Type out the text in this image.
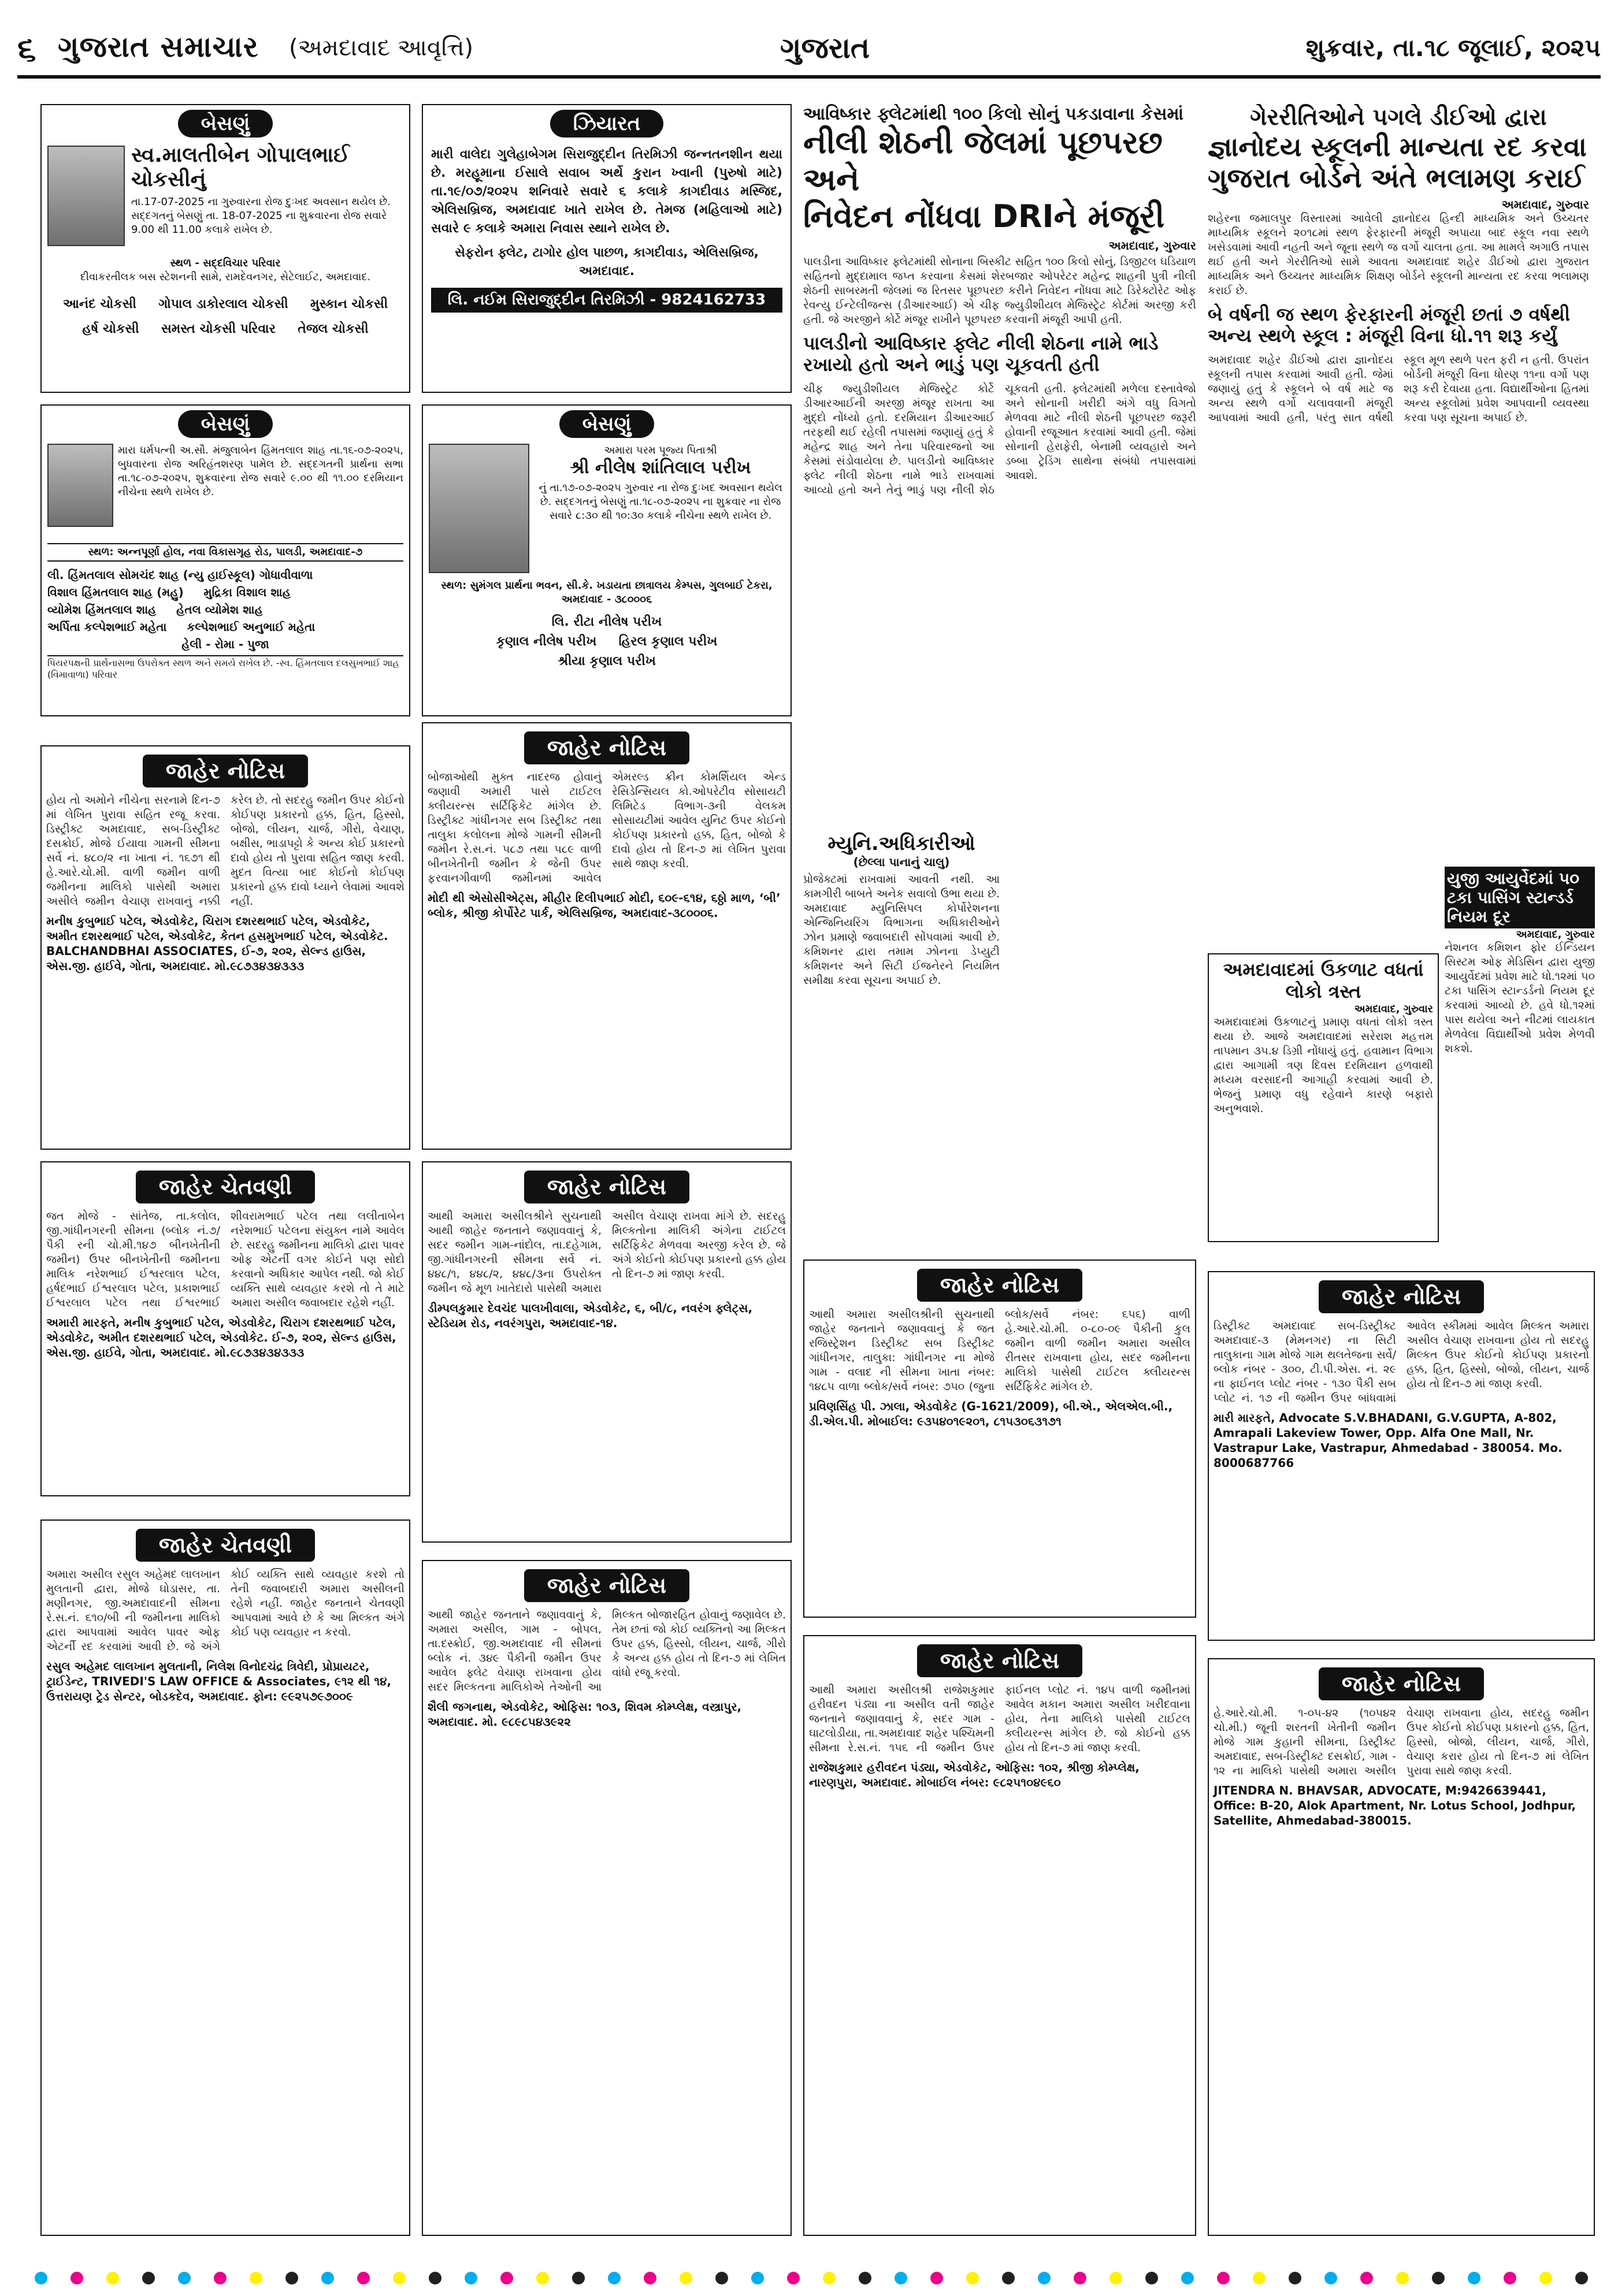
૬ ગુજરાત સમાચાર (અમદાવાદ આવૃત્તિ)	ગુજરાત	શુક્રવાર, તા.૧૮ જૂલાઈ, ૨૦૨૫
બેસણું
સ્વ.માલતીબેન ગોપાલભાઈ ચોકસીનું
તા.17-07-2025 ના ગુરુવારના રોજ દુઃખદ અવસાન થયેલ છે. સદ્દગતનું બેસણું તા. 18-07-2025 ના શુક્રવારના રોજ સવારે 9.00 થી 11.00 કલાકે રાખેલ છે.
સ્થળ - સદ્દવિચાર પરિવાર
દીવાકરતીલક બસ સ્ટેશનની સામે, રામદેવનગર, સેટેલાઈટ, અમદાવાદ.
આનંદ ચોકસી     ગોપાલ ડાકોરલાલ ચોકસી     મુસ્કાન ચોકસી
હર્ષ ચોકસી     સમસ્ત ચોકસી પરિવાર     તેજલ ચોકસી
ઝિયારત
મારી વાલેદા ગુલેહાબેગમ સિરાજુદ્દીન તિરમિઝી જન્નતનશીન થયા છે. મરહૂમાના ઈસાલે સવાબ અર્થે કુરાન ખ્વાની (પુરુષો માટે) તા.૧૯/૦૭/૨૦૨૫ શનિવારે સવારે ૬ કલાકે કાગદીવાડ મસ્જિદ, એલિસબ્રિજ, અમદાવાદ ખાતે રાખેલ છે. તેમજ (મહિલાઓ માટે) સવારે ૯ કલાકે અમારા નિવાસ સ્થાને રાખેલ છે.
સેફરોન ફ્લેટ, ટાગોર હોલ પાછળ, કાગદીવાડ, એલિસબ્રિજ, અમદાવાદ.
લિ. નઈમ સિરાજુદ્દીન તિરમિઝી - 9824162733
બેસણું
મારા ધર્મપત્ની અ.સૌ. મંજુલાબેન હિંમતલાલ શાહ તા.૧૬-૦૭-૨૦૨૫, બુધવારના રોજ અરિહંતશરણ પામેલ છે. સદ્દગતની પ્રાર્થના સભા તા.૧૮-૦૭-૨૦૨૫, શુક્રવારના રોજ સવારે ૯.૦૦ થી ૧૧.૦૦ દરમિયાન નીચેના સ્થળે રાખેલ છે.
સ્થળ: અન્નપૂર્ણા હોલ, નવા વિકાસગૃહ રોડ, પાલડી, અમદાવાદ-૭
લી. હિંમતલાલ સોમચંદ શાહ (ન્યુ હાઈસ્કૂલ) ગોધાવીવાળા
વિશાલ હિંમતલાલ શાહ (મહુ)     મુદ્રિકા વિશાલ શાહ
વ્યોમેશ હિંમતલાલ શાહ     હેતલ વ્યોમેશ શાહ
અર્પિતા કલ્પેશભાઈ મહેતા     કલ્પેશભાઈ અનુભાઈ મહેતા
હેલી - રોમા - પુજા
પિયરપક્ષની પ્રાર્થનાસભા ઉપરોક્ત સ્થળ અને સમયે રાખેલ છે. -સ્વ. હિંમતલાલ દલસુખભાઈ શાહ (વિમાવાળા) પરિવાર
બેસણું
અમારા પરમ પૂજ્ય પિતાશ્રી
શ્રી નીલેષ શાંતિલાલ પરીખ
નું તા.૧૭-૦૭-૨૦૨૫ ગુરુવાર ના રોજ દુઃખદ અવસાન થયેલ છે. સદ્દગતનું બેસણું તા.૧૮-૦૭-૨૦૨૫ ના શુક્રવાર ના રોજ સવારે ૮:૩૦ થી ૧૦:૩૦ કલાકે નીચેના સ્થળે રાખેલ છે.
સ્થળ: સુમંગલ પ્રાર્થના ભવન, સી.કે. ખડાયતા છાત્રાલય કેમ્પસ, ગુલબાઈ ટેકરા, અમદાવાદ - ૩૮૦૦૦૬
લિ. રીટા નીલેષ પરીખ
કૃણાલ નીલેષ પરીખ     હિરલ કૃણાલ પરીખ
શ્રીયા કૃણાલ પરીખ
આવિષ્કાર ફ્લેટમાંથી ૧૦૦ કિલો સોનું પકડાવાના કેસમાં
નીલી શેઠની જેલમાં પૂછપરછ અને
નિવેદન નોંધવા DRIને મંજૂરી
અમદાવાદ, ગુરુવાર
પાલડીના આવિષ્કાર ફ્લેટમાંથી સોનાના બિસ્કીટ સહિત ૧૦૦ કિલો સોનું, ડિજીટલ ઘડિયાળ સહિતનો મુદ્દામાલ જપ્ત કરવાના કેસમાં શેરબજાર ઓપરેટર મહેન્દ્ર શાહની પુત્રી નીલી શેઠની સાબરમતી જેલમાં જ રિતસર પૂછપરછ કરીને નિવેદન નોંધવા માટે ડિરેક્ટોરેટ ઓફ રેવન્યુ ઈન્ટેલીજન્સ (ડીઆરઆઈ) એ ચીફ જ્યુડીશીયલ મેજિસ્ટ્રેટ કોર્ટમાં અરજી કરી હતી. જે અરજીને કોર્ટે મંજૂર રાખીને પૂછપરછ કરવાની મંજૂરી આપી હતી.
પાલડીનો આવિષ્કાર ફ્લેટ નીલી શેઠના નામે ભાડે રખાયો હતો અને ભાડું પણ ચૂકવતી હતી
ચીફ જ્યુડીશીયલ મેજિસ્ટ્રેટ કોર્ટે ડીઆરઆઈની અરજી મંજૂર રાખતા આ મુદ્દો નોંધ્યો હતો. દરમિયાન ડીઆરઆઈ તરફથી થઈ રહેલી તપાસમાં જણાયું હતું કે મહેન્દ્ર શાહ અને તેના પરિવારજનો આ કેસમાં સંડોવાયેલા છે. પાલડીનો આવિષ્કાર ફ્લેટ નીલી શેઠના નામે ભાડે રાખવામાં આવ્યો હતો અને તેનું ભાડું પણ નીલી શેઠ ચૂકવતી હતી. ફ્લેટમાંથી મળેલા દસ્તાવેજો અને સોનાની ખરીદી અંગે વધુ વિગતો મેળવવા માટે નીલી શેઠની પૂછપરછ જરૂરી હોવાની રજૂઆત કરવામાં આવી હતી. જેમાં સોનાની હેરાફેરી, બેનામી વ્યવહારો અને ડબ્બા ટ્રેડિંગ સાથેના સંબંધો તપાસવામાં આવશે.
ગેરરીતિઓને પગલે ડીઈઓ દ્વારા
જ્ઞાનોદય સ્કૂલની માન્યતા રદ કરવા
ગુજરાત બોર્ડને અંતે ભલામણ કરાઈ
અમદાવાદ, ગુરુવાર
શહેરના જમાલપુર વિસ્તારમાં આવેલી જ્ઞાનોદય હિન્દી માધ્યમિક અને ઉચ્ચતર માધ્યમિક સ્કૂલને ૨૦૧૮માં સ્થળ ફેરફારની મંજૂરી અપાયા બાદ સ્કૂલ નવા સ્થળે ખસેડવામાં આવી નહતી અને જૂના સ્થળે જ વર્ગો ચાલતા હતા. આ મામલે અગાઉ તપાસ થઈ હતી અને ગેરરીતિઓ સામે આવતા અમદાવાદ શહેર ડીઈઓ દ્વારા ગુજરાત માધ્યમિક અને ઉચ્ચતર માધ્યમિક શિક્ષણ બોર્ડને સ્કૂલની માન્યતા રદ કરવા ભલામણ કરાઈ છે.
બે વર્ષની જ સ્થળ ફેરફારની મંજૂરી છતાં ૭ વર્ષથી અન્ય સ્થળે સ્કૂલ : મંજૂરી વિના ધો.૧૧ શરૂ કર્યું
અમદાવાદ શહેર ડીઈઓ દ્વારા જ્ઞાનોદય સ્કૂલની તપાસ કરવામાં આવી હતી. જેમાં જણાયું હતું કે સ્કૂલને બે વર્ષ માટે જ અન્ય સ્થળે વર્ગો ચલાવવાની મંજૂરી આપવામાં આવી હતી, પરંતુ સાત વર્ષથી સ્કૂલ મૂળ સ્થળે પરત ફરી ન હતી. ઉપરાંત બોર્ડની મંજૂરી વિના ધોરણ ૧૧ના વર્ગો પણ શરૂ કરી દેવાયા હતા. વિદ્યાર્થીઓના હિતમાં અન્ય સ્કૂલોમાં પ્રવેશ આપવાની વ્યવસ્થા કરવા પણ સૂચના અપાઈ છે.
મ્યુનિ.અધિકારીઓ
(છેલ્લા પાનાનું ચાલુ)
પ્રોજેક્ટમાં રાખવામાં આવતી નથી. આ કામગીરી બાબતે અનેક સવાલો ઉભા થયા છે. અમદાવાદ મ્યુનિસિપલ કોર્પોરેશનના એન્જિનિયરિંગ વિભાગના અધિકારીઓને ઝોન પ્રમાણે જવાબદારી સોંપવામાં આવી છે. કમિશનર દ્વારા તમામ ઝોનના ડેપ્યુટી કમિશનર અને સિટી ઈજનેરને નિયમિત સમીક્ષા કરવા સૂચના અપાઈ છે.
અમદાવાદમાં ઉકળાટ વધતાં લોકો ત્રસ્ત
અમદાવાદ, ગુરુવાર
અમદાવાદમાં ઉકળાટનું પ્રમાણ વધતાં લોકો ત્રસ્ત થયા છે. આજે અમદાવાદમાં સરેરાશ મહત્તમ તાપમાન ૩૫.૪ ડિગ્રી નોંધાયું હતું. હવામાન વિભાગ દ્વારા આગામી ત્રણ દિવસ દરમિયાન હળવાથી મધ્યમ વરસાદની આગાહી કરવામાં આવી છે. ભેજનું પ્રમાણ વધુ રહેવાને કારણે બફારો અનુભવાશે.
યુજી આયુર્વેદમાં ૫૦ ટકા પાસિંગ સ્ટાન્ડર્ડ નિયમ દૂર
અમદાવાદ, ગુરુવાર
નેશનલ કમિશન ફોર ઈન્ડિયન સિસ્ટમ ઓફ મેડિસિન દ્વારા યુજી આયુર્વેદમાં પ્રવેશ માટે ધો.૧૨માં ૫૦ ટકા પાસિંગ સ્ટાન્ડર્ડનો નિયમ દૂર કરવામાં આવ્યો છે. હવે ધો.૧૨માં પાસ થયેલા અને નીટમાં લાયકાત મેળવેલા વિદ્યાર્થીઓ પ્રવેશ મેળવી શકશે.
જાહેર નોટિસ
હોય તો અમોને નીચેના સરનામે દિન-૭ માં લેખિત પુરાવા સહિત રજૂ કરવા. ડિસ્ટ્રીક્ટ અમદાવાદ, સબ-ડિસ્ટ્રીક્ટ દસક્રોઈ, મોજે ઈયાવા ગામની સીમના સર્વે નં. ૪૮૦/૨ ના ખાતા નં. ૧૬૭૧ થી હે.આરે.ચો.મી. વાળી જમીન વાળી જમીનના માલિકો પાસેથી અમારા અસીલે જમીન વેચાણ રાખવાનું નક્કી કરેલ છે. તો સદરહુ જમીન ઉપર કોઈનો કોઈપણ પ્રકારનો હક્ક, હિત, હિસ્સો, બોજો, લીયન, ચાર્જ, ગીરો, વેચાણ, બક્ષીસ, ભાડાપટ્ટો કે અન્ય કોઈ પ્રકારનો દાવો હોય તો પુરાવા સહિત જાણ કરવી. મુદત વિત્યા બાદ કોઈનો કોઈપણ પ્રકારનો હક્ક દાવો ધ્યાને લેવામાં આવશે નહીં.
મનીષ કુબુભાઈ પટેલ, એડવોકેટ, ચિરાગ દશરથભાઈ પટેલ, એડવોકેટ, અમીત દશરથભાઈ પટેલ, એડવોકેટ, કેતન હસમુખભાઈ પટેલ, એડવોકેટ. BALCHANDBHAI ASSOCIATES, ઈ-૭, ૨૦૨, સેલ્ન્ડ હાઉસ, એસ.જી. હાઈવે, ગોતા, અમદાવાદ. મો.૯૮૭૩૪૩૪૩૩૩
જાહેર નોટિસ
બોજાઓથી મુક્ત નાદરજ હોવાનું જણાવી અમારી પાસે ટાઈટલ ક્લીયરન્સ સર્ટિફિકેટ માંગેલ છે. ડિસ્ટ્રીક્ટ ગાંધીનગર સબ ડિસ્ટ્રીક્ટ તથા તાલુકા કલોલના મોજે ગામની સીમની જમીન રે.સ.નં. ૫૮૭ તથા ૫૮૯ વાળી બીનખેતીની જમીન કે જેની ઉપર ફરવાનગીવાળી જમીનમાં આવેલ એમરલ્ડ ક્રીન કોમર્શિયલ એન્ડ રેસિડેન્સિયલ કો.ઓપરેટીવ સોસાયટી લિમિટેડ વિભાગ-૩ની વેલકમ સોસાયટીમાં આવેલ યુનિટ ઉપર કોઈનો કોઈપણ પ્રકારનો હક્ક, હિત, બોજો કે દાવો હોય તો દિન-૭ માં લેખિત પુરાવા સાથે જાણ કરવી.
મોદી થી એસોસીએટ્સ, મીહીર દિલીપભાઈ મોદી, ૬૦૯-૬૧૪, ૬ઠ્ઠો માળ, ‘બી’ બ્લોક, શ્રીજી કોર્પોરેટ પાર્ક, એલિસબ્રિજ, અમદાવાદ-૩૮૦૦૦૬.
જાહેર ચેતવણી
જત મોજે - સાંતેજ, તા.કલોલ, જી.ગાંધીનગરની સીમના (બ્લોક નં.૭/પૈકી રની ચો.મી.૧૪૭ બીનખેતીની જમીન) ઉપર બીનખેતીની જમીનના માલિક નરેશભાઈ ઈશ્વરલાલ પટેલ, હર્ષદભાઈ ઈશ્વરલાલ પટેલ, પ્રકાશભાઈ ઈશ્વરલાલ પટેલ તથા ઈશ્વરભાઈ શીવરામભાઈ પટેલ તથા લલીતાબેન નરેશભાઈ પટેલના સંયુક્ત નામે આવેલ છે. સદરહુ જમીનના માલિકો દ્વારા પાવર ઓફ એટર્ની વગર કોઈને પણ સોદો કરવાનો અધિકાર આપેલ નથી. જો કોઈ વ્યક્તિ સાથે વ્યવહાર કરશે તો તે માટે અમારા અસીલ જવાબદાર રહેશે નહીં.
અમારી મારફતે, મનીષ કુબુભાઈ પટેલ, એડવોકેટ, ચિરાગ દશરથભાઈ પટેલ, એડવોકેટ, અમીત દશરથભાઈ પટેલ, એડવોકેટ. ઈ-૭, ૨૦૨, સેલ્ન્ડ હાઉસ, એસ.જી. હાઈવે, ગોતા, અમદાવાદ. મો.૯૮૭૩૪૩૪૩૩૩
જાહેર નોટિસ
આથી અમારા અસીલશ્રીને સુચનાથી આથી જાહેર જનતાને જણાવવાનું કે, સદર જમીન ગામ-નાંદોલ, તા.દહેગામ, જી.ગાંધીનગરની સીમના સર્વે નં. ૪૪૮/૧, ૪૪૮/૨, ૪૪૮/૩ના ઉપરોક્ત જમીન જે મૂળ ખાતેદારો પાસેથી અમારા અસીલ વેચાણ રાખવા માંગે છે. સદરહુ મિલ્કતોના માલિકી અંગેના ટાઈટલ સર્ટિફિકેટ મેળવવા અરજી કરેલ છે. જે અંગે કોઈનો કોઈપણ પ્રકારનો હક્ક હોય તો દિન-૭ માં જાણ કરવી.
ડીમ્પલકુમાર દેવચંદ પાલખીવાલા, એડવોકેટ, ૬, બી/૮, નવરંગ ફ્લેટ્સ, સ્ટેડિયમ રોડ, નવરંગપુરા, અમદાવાદ-૧૪.
જાહેર નોટિસ
આથી અમારા અસીલશ્રીની સુચનાથી જાહેર જનતાને જણાવવાનું કે જત રજિસ્ટ્રેશન ડિસ્ટ્રીક્ટ સબ ડિસ્ટ્રીક્ટ ગાંધીનગર, તાલુકા: ગાંધીનગર ના મોજે ગામ - વલાદ ની સીમના ખાતા નંબર: ૧૪૮૫ વાળા બ્લોક/સર્વે નંબર: ૭૫૦ (જુના બ્લોક/સર્વે નંબર: ૬૫૬) વાળી હે.આરે.ચો.મી. ૦-૮૦-૦૯ પૈકીની કુલ જમીન વાળી જમીન અમારા અસીલ રીતસર રાખવાના હોય, સદર જમીનના માલિકો પાસેથી ટાઈટલ ક્લીયરન્સ સર્ટિફિકેટ માંગેલ છે.
પ્રવિણસિંહ પી. ઝાલા, એડવોકેટ (G-1621/2009), બી.એ., એલએલ.બી., ડી.એલ.પી. મોબાઈલ: ૯૩૫૪૦૧૯૨૦૧, ૮૧૫૩૦૬૩૧૭૧
જાહેર નોટિસ
ડિસ્ટ્રીક્ટ અમદાવાદ સબ-ડિસ્ટ્રીક્ટ અમદાવાદ-૩ (મેમનગર) ના સિટી તાલુકાના ગામ મોજે ગામ થલતેજના સર્વે/બ્લોક નંબર - ૩૦૦, ટી.પી.એસ. નં. ૨૯ ના ફાઈનલ પ્લોટ નંબર - ૧૩૦ પૈકી સબ પ્લોટ નં. ૧૭ ની જમીન ઉપર બાંધવામાં આવેલ સ્કીમમાં આવેલ મિલ્કત અમારા અસીલ વેચાણ રાખવાના હોય તો સદરહુ મિલ્કત ઉપર કોઈનો કોઈપણ પ્રકારનો હક્ક, હિત, હિસ્સો, બોજો, લીયન, ચાર્જ હોય તો દિન-૭ માં જાણ કરવી.
મારી મારફતે, Advocate S.V.BHADANI, G.V.GUPTA, A-802, Amrapali Lakeview Tower, Opp. Alfa One Mall, Nr. Vastrapur Lake, Vastrapur, Ahmedabad - 380054. Mo. 8000687766
જાહેર ચેતવણી
અમારા અસીલ રસુલ અહેમદ લાલખાન મુલતાની દ્વારા, મોજે ઘોડાસર, તા. મણીનગર, જી.અમદાવાદની સીમના રે.સ.નં. ૬૧૦/બી ની જમીનના માલિકો દ્વારા આપવામાં આવેલ પાવર ઓફ એટર્ની રદ કરવામાં આવી છે. જે અંગે કોઈ વ્યક્તિ સાથે વ્યવહાર કરશે તો તેની જવાબદારી અમારા અસીલની રહેશે નહીં. જાહેર જનતાને ચેતવણી આપવામાં આવે છે કે આ મિલ્કત અંગે કોઈ પણ વ્યવહાર ન કરવો.
રસુલ અહેમદ લાલખાન મુલતાની, નિલેશ વિનોદચંદ્ર ત્રિવેદી, પ્રોપ્રાયટર, ટ્રાઈડેન્ટ, TRIVEDI'S LAW OFFICE & Associates, ૯૧૨ થી ૧૪, ઉત્તરાયણ ટ્રેડ સેન્ટર, બોડકદેવ, અમદાવાદ. ફોન: ૯૯૨૫૭૯૭૦૦૯
જાહેર નોટિસ
આથી જાહેર જનતાને જણાવવાનું કે, અમારા અસીલ, ગામ - બોપલ, તા.દસ્ક્રોઈ, જી.અમદાવાદ ની સીમનાં બ્લોક નં. ૩૪૯ પૈકીની જમીન ઉપર આવેલ ફ્લેટ વેચાણ રાખવાના હોય સદર મિલ્કતના માલિકોએ તેઓની આ મિલ્કત બોજારહિત હોવાનું જણાવેલ છે. તેમ છતાં જો કોઈ વ્યક્તિનો આ મિલ્કત ઉપર હક્ક, હિસ્સો, લીયન, ચાર્જ, ગીરો કે અન્ય હક્ક હોય તો દિન-૭ માં લેખિત વાંધો રજૂ કરવો.
શૈલી જગનાથ, એડવોકેટ, ઓફિસ: ૧૦૩, શિવમ કોમ્પ્લેક્ષ, વસ્ત્રાપુર, અમદાવાદ. મો. ૯૮૯૮૫૪૩૯૨૨
જાહેર નોટિસ
આથી અમારા અસીલશ્રી રાજેશકુમાર હરીવદન પંડ્યા ના અસીલ વતી જાહેર જનતાને જણાવવાનું કે, સદર ગામ - ઘાટલોડીયા, તા.અમદાવાદ શહેર પશ્ચિમની સીમના રે.સ.નં. ૧૫૬ ની જમીન ઉપર ફાઈનલ પ્લોટ નં. ૧૪૫ વાળી જમીનમાં આવેલ મકાન અમારા અસીલ ખરીદવાના હોય, તેના માલિકો પાસેથી ટાઈટલ ક્લીયરન્સ માંગેલ છે. જો કોઈનો હક્ક હોય તો દિન-૭ માં જાણ કરવી.
રાજેશકુમાર હરીવદન પંડ્યા, એડવોકેટ, ઓફિસ: ૧૦૨, શ્રીજી કોમ્પ્લેક્ષ, નારણપુરા, અમદાવાદ. મોબાઈલ નંબર: ૯૮૨૫૧૦૪૯૬૦
જાહેર નોટિસ
હે.આરે.ચો.મી. ૧-૦૫-૪૨ (૧૦૫૪૨ ચો.મી.) જૂની શરતની ખેતીની જમીન મોજે ગામ કુહાની સીમના, ડિસ્ટ્રીક્ટ અમદાવાદ, સબ-ડિસ્ટ્રીક્ટ દસક્રોઈ, ગામ - ૧૨ ના માલિકો પાસેથી અમારા અસીલ વેચાણ રાખવાના હોય, સદરહુ જમીન ઉપર કોઈનો કોઈપણ પ્રકારનો હક્ક, હિત, હિસ્સો, બોજો, લીયન, ચાર્જ, ગીરો, વેચાણ કરાર હોય તો દિન-૭ માં લેખિત પુરાવા સાથે જાણ કરવી.
JITENDRA N. BHAVSAR, ADVOCATE, M:9426639441, Office: B-20, Alok Apartment, Nr. Lotus School, Jodhpur, Satellite, Ahmedabad-380015.
